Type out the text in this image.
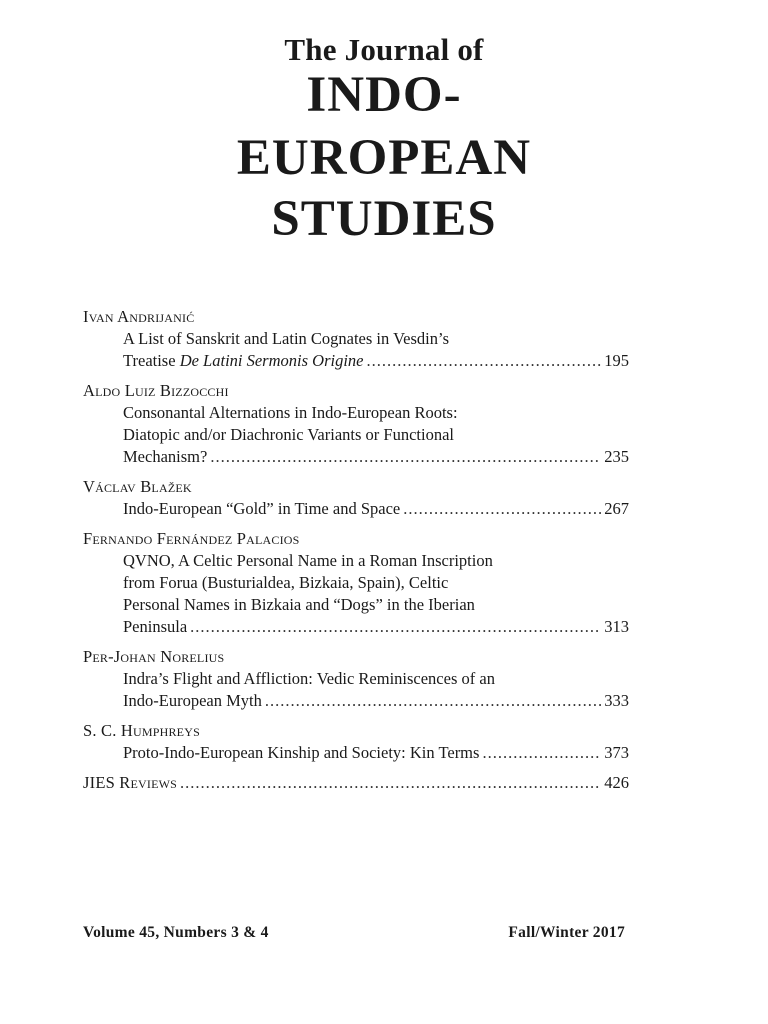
The Journal of
INDO-
EUROPEAN
STUDIES
Ivan Andrijanić
A List of Sanskrit and Latin Cognates in Vesdin’s
Treatise De Latini Sermonis Origine .....	195
Aldo Luiz Bizzocchi
Consonantal Alternations in Indo-European Roots:
Diatopic and/or Diachronic Variants or Functional
Mechanism? .....	235
Václav Blažek
Indo-European “Gold” in Time and Space .....	267
Fernando Fernández Palacios
QVNO, A Celtic Personal Name in a Roman Inscription
from Forua (Busturialdea, Bizkaia, Spain), Celtic
Personal Names in Bizkaia and “Dogs” in the Iberian
Peninsula .....	313
Per-Johan Norelius
Indra’s Flight and Affliction: Vedic Reminiscences of an
Indo-European Myth .....	333
S. C. Humphreys
Proto-Indo-European Kinship and Society: Kin Terms .....	373
JIES Reviews .....	426
Volume 45, Numbers 3 & 4	Fall/Winter 2017
